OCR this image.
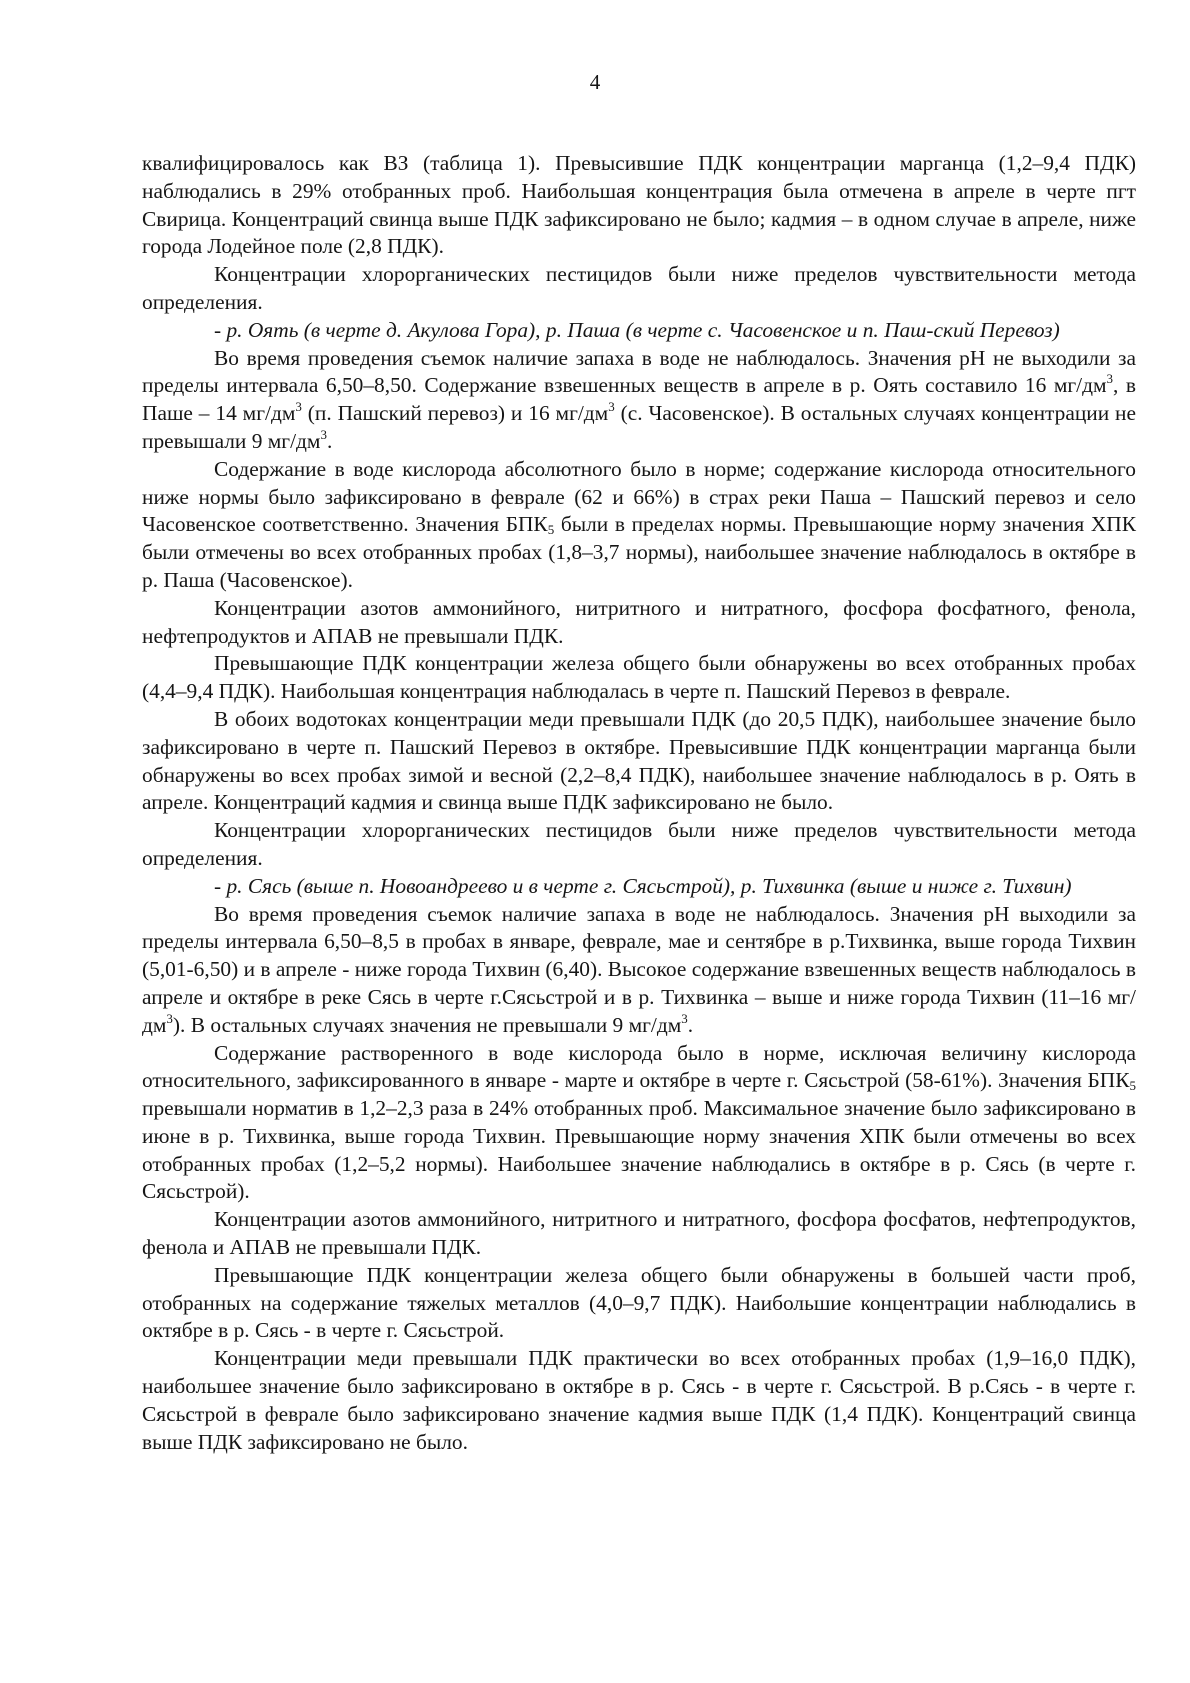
4

квалифицировалось как ВЗ (таблица 1). Превысившие ПДК концентрации марганца (1,2–9,4 ПДК) наблюдались в 29% отобранных проб. Наибольшая концентрация была отмечена в апреле в черте пгт Свирица. Концентраций свинца выше ПДК зафиксировано не было; кадмия – в одном случае в апреле, ниже города Лодейное поле (2,8 ПДК).

Концентрации хлорорганических пестицидов были ниже пределов чувствительности метода определения.

- р. Оять (в черте д. Акулова Гора), р. Паша (в черте с. Часовенское и п. Паш-ский Перевоз)

Во время проведения съемок наличие запаха в воде не наблюдалось. Значения pH не выходили за пределы интервала 6,50–8,50. Содержание взвешенных веществ в апреле в р. Оять составило 16 $мг/дм^3$, в Паше – 14 $мг/дм^3$ (п. Пашский перевоз) и 16 $мг/дм^3$ (с. Часовенское). В остальных случаях концентрации не превышали 9 $мг/дм^3$.

Содержание в воде кислорода абсолютного было в норме; содержание кислорода относительного ниже нормы было зафиксировано в феврале (62 и 66%) в страх реки Паша – Пашский перевоз и село Часовенское соответственно. Значения $БПК_5$ были в пределах нормы. Превышающие норму значения ХПК были отмечены во всех отобранных пробах (1,8–3,7 нормы), наибольшее значение наблюдалось в октябре в р. Паша (Часовенское).

Концентрации азотов аммонийного, нитритного и нитратного, фосфора фосфатного, фенола, нефтепродуктов и АПАВ не превышали ПДК.

Превышающие ПДК концентрации железа общего были обнаружены во всех отобранных пробах (4,4–9,4 ПДК). Наибольшая концентрация наблюдалась в черте п. Пашский Перевоз в феврале.

В обоих водотоках концентрации меди превышали ПДК (до 20,5 ПДК), наибольшее значение было зафиксировано в черте п. Пашский Перевоз в октябре. Превысившие ПДК концентрации марганца были обнаружены во всех пробах зимой и весной (2,2–8,4 ПДК), наибольшее значение наблюдалось в р. Оять в апреле. Концентраций кадмия и свинца выше ПДК зафиксировано не было.

Концентрации хлорорганических пестицидов были ниже пределов чувствительности метода определения.

- р. Сясь (выше п. Новоандреево и в черте г. Сясьстрой), р. Тихвинка (выше и ниже г. Тихвин)

Во время проведения съемок наличие запаха в воде не наблюдалось. Значения pH выходили за пределы интервала 6,50–8,5 в пробах в январе, феврале, мае и сентябре в р.Тихвинка, выше города Тихвин (5,01-6,50) и в апреле - ниже города Тихвин (6,40). Высокое содержание взвешенных веществ наблюдалось в апреле и октябре в реке Сясь в черте г.Сясьстрой и в р. Тихвинка – выше и ниже города Тихвин (11–16 $мг/дм^3$). В остальных случаях значения не превышали 9 $мг/дм^3$.

Содержание растворенного в воде кислорода было в норме, исключая величину кислорода относительного, зафиксированного в январе - марте и октябре в черте г. Сясьстрой (58-61%). Значения $БПК_5$ превышали норматив в 1,2–2,3 раза в 24% отобранных проб. Максимальное значение было зафиксировано в июне в р. Тихвинка, выше города Тихвин. Превышающие норму значения ХПК были отмечены во всех отобранных пробах (1,2–5,2 нормы). Наибольшее значение наблюдались в октябре в р. Сясь (в черте г. Сясьстрой).

Концентрации азотов аммонийного, нитритного и нитратного, фосфора фосфатов, нефтепродуктов, фенола и АПАВ не превышали ПДК.

Превышающие ПДК концентрации железа общего были обнаружены в большей части проб, отобранных на содержание тяжелых металлов (4,0–9,7 ПДК). Наибольшие концентрации наблюдались в октябре в р. Сясь - в черте г. Сясьстрой.

Концентрации меди превышали ПДК практически во всех отобранных пробах (1,9–16,0 ПДК), наибольшее значение было зафиксировано в октябре в р. Сясь - в черте г. Сясьстрой. В р.Сясь - в черте г. Сясьстрой в феврале было зафиксировано значение кадмия выше ПДК (1,4 ПДК). Концентраций свинца выше ПДК зафиксировано не было.
